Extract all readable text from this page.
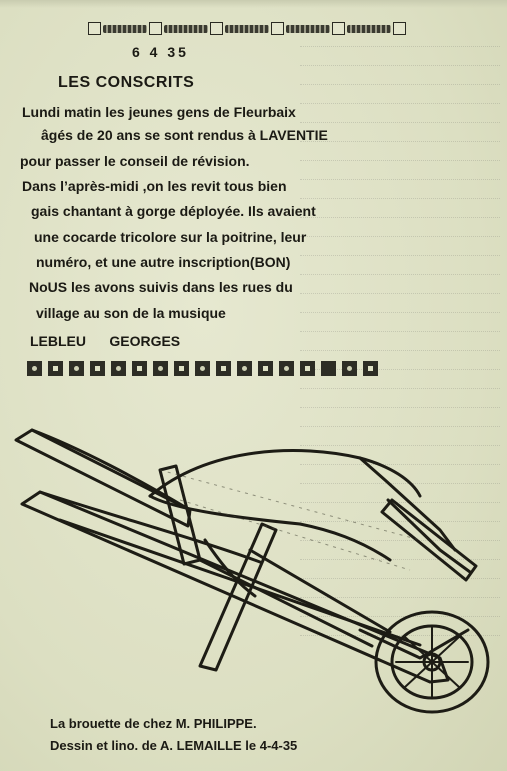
6 4 35
LES CONSCRITS
Lundi matin les jeunes gens de Fleurbaix
âgés de 20 ans se sont rendus à LAVENTIE
pour passer le conseil de révision.
Dans l’après-midi ,on les revit tous bien
gais chantant à gorge déployée. Ils avaient
une cocarde tricolore sur la poitrine, leur
numéro, et une autre inscription(BON)
NoUS les avons suivis dans les rues du
village au son de la musique
LEBLEU      GEORGES
La brouette de chez M. PHILIPPE.
Dessin et lino. de A. LEMAILLE le 4-4-35
